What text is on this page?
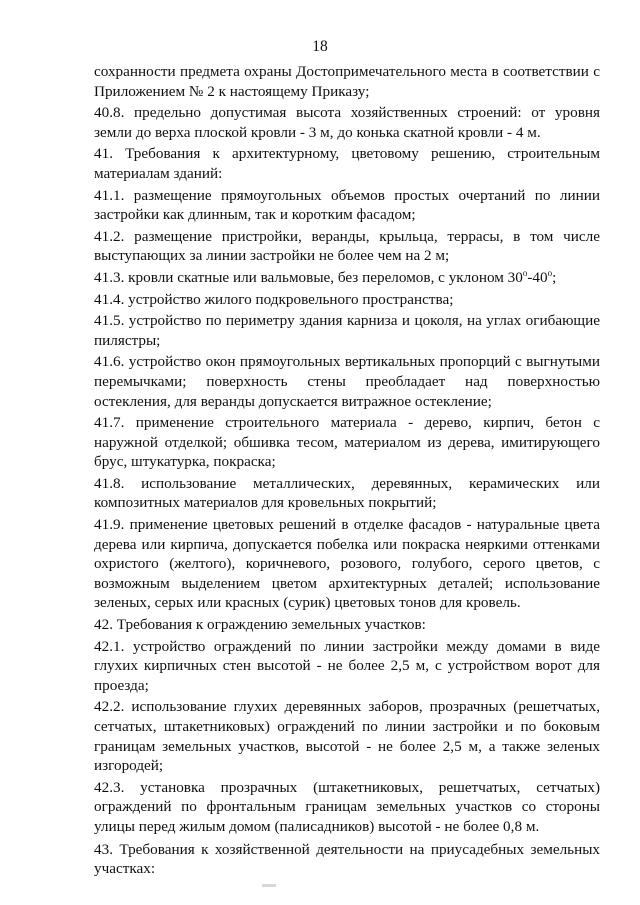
18

сохранности предмета охраны Достопримечательного места в соответствии с Приложением № 2 к настоящему Приказу;

40.8. предельно допустимая высота хозяйственных строений: от уровня земли до верха плоской кровли - 3 м, до конька скатной кровли - 4 м.

41. Требования к архитектурному, цветовому решению, строительным материалам зданий:

41.1. размещение прямоугольных объемов простых очертаний по линии застройки как длинным, так и коротким фасадом;

41.2. размещение пристройки, веранды, крыльца, террасы, в том числе выступающих за линии застройки не более чем на 2 м;

41.3. кровли скатные или вальмовые, без переломов, с уклоном $30^о-40^о$;

41.4. устройство жилого подкровельного пространства;

41.5. устройство по периметру здания карниза и цоколя, на углах огибающие пилястры;

41.6. устройство окон прямоугольных вертикальных пропорций с выгнутыми перемычками; поверхность стены преобладает над поверхностью остекления, для веранды допускается витражное остекление;

41.7. применение строительного материала - дерево, кирпич, бетон с наружной отделкой; обшивка тесом, материалом из дерева, имитирующего брус, штукатурка, покраска;

41.8. использование металлических, деревянных, керамических или композитных материалов для кровельных покрытий;

41.9. применение цветовых решений в отделке фасадов - натуральные цвета дерева или кирпича, допускается побелка или покраска неяркими оттенками охристого (желтого), коричневого, розового, голубого, серого цветов, с возможным выделением цветом архитектурных деталей; использование зеленых, серых или красных (сурик) цветовых тонов для кровель.

42. Требования к ограждению земельных участков:

42.1. устройство ограждений по линии застройки между домами в виде глухих кирпичных стен высотой - не более 2,5 м, с устройством ворот для проезда;

42.2. использование глухих деревянных заборов, прозрачных (решетчатых, сетчатых, штакетниковых) ограждений по линии застройки и по боковым границам земельных участков, высотой - не более 2,5 м, а также зеленых изгородей;

42.3. установка прозрачных (штакетниковых, решетчатых, сетчатых) ограждений по фронтальным границам земельных участков со стороны улицы перед жилым домом (палисадников) высотой - не более 0,8 м.

43. Требования к хозяйственной деятельности на приусадебных земельных участках:
